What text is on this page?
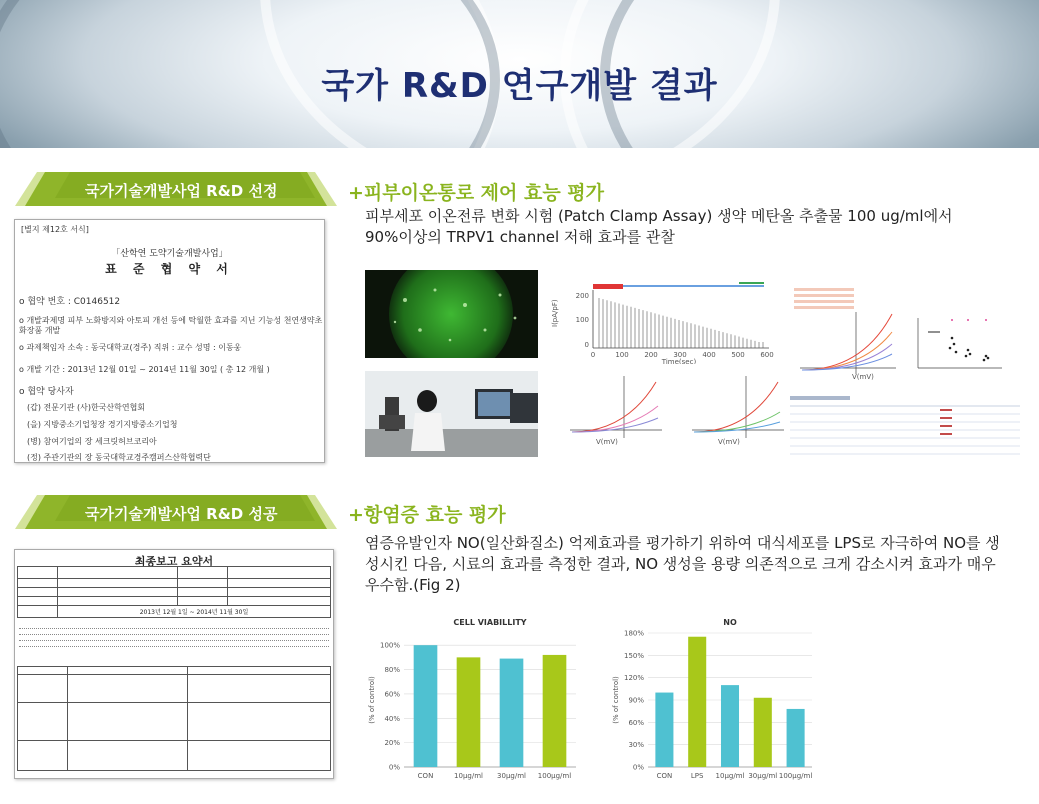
국가 R&D 연구개발 결과
국가기술개발사업 R&D 선정
[별지 제12호 서식]
「산학연 도약기술개발사업」
표 준 협 약 서
o 협약 번호 : C0146512
o 개발과제명 피부 노화방지와 아토피 개선 등에 탁월한 효과를 지닌 기능성 천연생약초 화장품 개발
o 과제책임자 소속 : 동국대학교(경주) 직위 : 교수 성명 : 이동웅
o 개발 기간 : 2013년 12월 01일 ~ 2014년 11월 30일 ( 총 12 개월 )
o 협약 당사자
(갑) 전문기관 (사)한국산학연협회
(을) 지방중소기업청장 경기지방중소기업청
(병) 참여기업의 장 세크릿허브코리아
(정) 주관기관의 장 동국대학교경주캠퍼스산학협력단
+피부이온통로 제어 효능 평가
피부세포 이온전류 변화 시험 (Patch Clamp Assay) 생약 메탄올 추출물 100 ug/ml에서 90%이상의 TRPV1 channel 저해 효과를 관찰
I(pA/pF)
0
100
200
0	100 200 300 400 500 600
Time(sec)
V(mV)	V(mV)
V(mV)
국가기술개발사업 R&D 성공
최종보고 요약서

	2013년 12월 1일 ~ 2014년 11월 30일		

+항염증 효능 평가
염증유발인자 NO(일산화질소) 억제효과를 평가하기 위하여 대식세포를 LPS로 자극하여 NO를 생성시킨 다음, 시료의 효과를 측정한 결과, NO 생성을 용량 의존적으로 크게 감소시켜 효과가 매우 우수함.(Fig 2)
CELL VIABILLITY
(% of control)
0%
20%
40%
60%
80%
100%
CON	10μg/ml 30μg/ml 100μg/ml
NO
(% of control)
0%
30%
60%
90%
120%
150%
180%
CON	LPS 10μg/ml 30μg/ml 100μg/ml
